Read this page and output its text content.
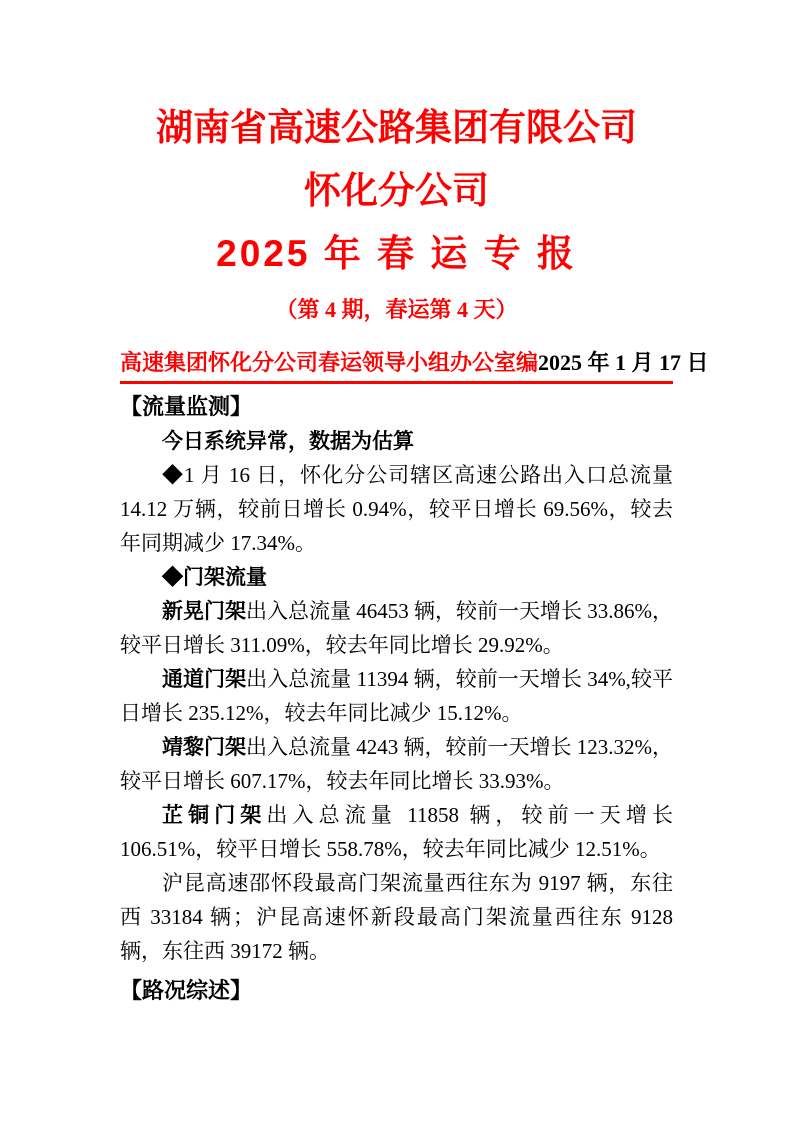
湖南省高速公路集团有限公司
怀化分公司
2025 年 春 运 专 报
（第 4 期，春运第 4 天）
高速集团怀化分公司春运领导小组办公室编 2025 年 1 月 17 日
【流量监测】
今日系统异常，数据为估算

◆1 月 16 日，怀化分公司辖区高速公路出入口总流量 14.12 万辆，较前日增长 0.94%，较平日增长 69.56%，较去年同期减少 17.34%。

◆门架流量

新晃门架出入总流量 46453 辆，较前一天增长 33.86%，较平日增长 311.09%，较去年同比增长 29.92%。

通道门架出入总流量 11394 辆，较前一天增长 34%,较平日增长 235.12%，较去年同比减少 15.12%。

靖黎门架出入总流量 4243 辆，较前一天增长 123.32%，较平日增长 607.17%，较去年同比增长 33.93%。

芷铜门架出入总流量 11858 辆，较前一天增长 106.51%，较平日增长 558.78%，较去年同比减少 12.51%。

沪昆高速邵怀段最高门架流量西往东为 9197 辆，东往西 33184 辆；沪昆高速怀新段最高门架流量西往东 9128 辆，东往西 39172 辆。

【路况综述】
